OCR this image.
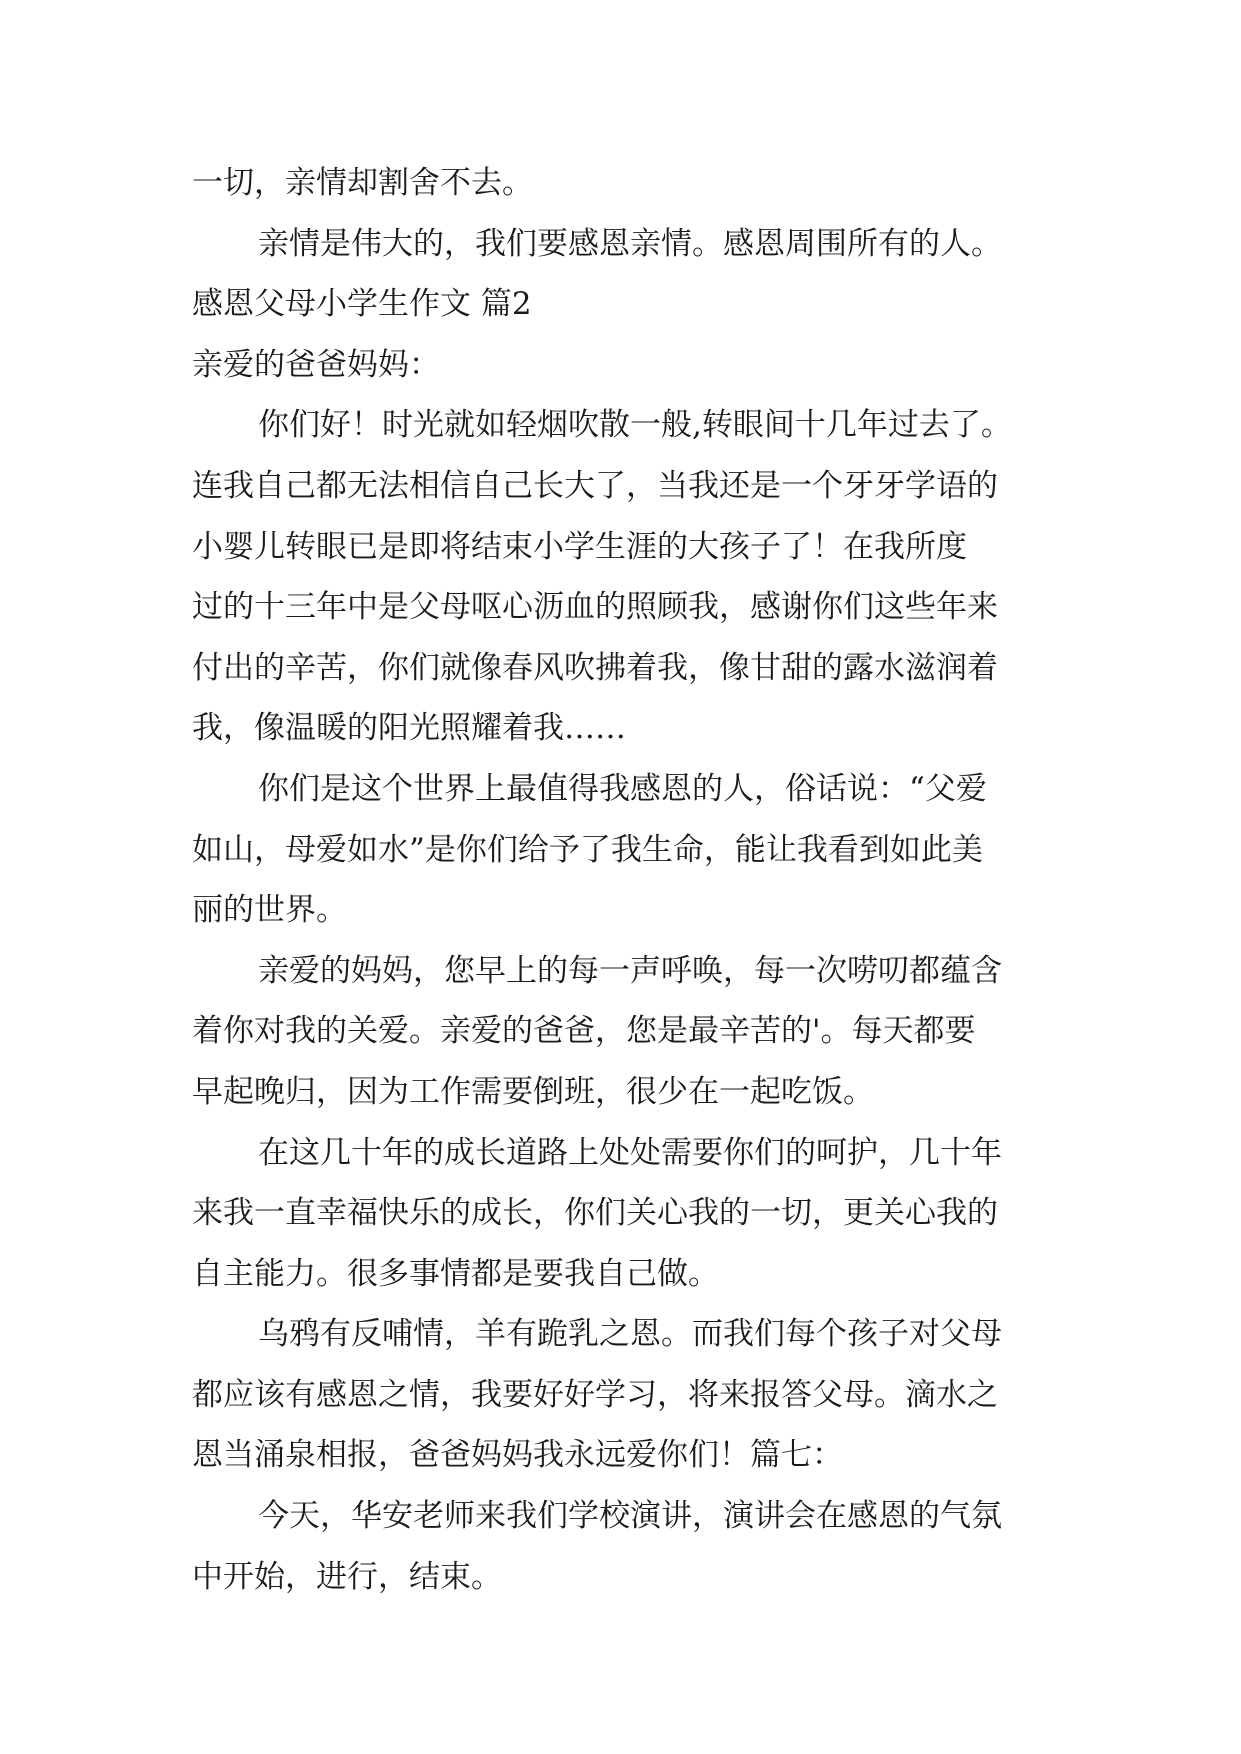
一切，亲情却割舍不去。
亲情是伟大的，我们要感恩亲情。感恩周围所有的人。
感恩父母小学生作文 篇2
亲爱的爸爸妈妈：
你们好！时光就如轻烟吹散一般,转眼间十几年过去了。
连我自己都无法相信自己长大了，当我还是一个牙牙学语的
小婴儿转眼已是即将结束小学生涯的大孩子了！在我所度
过的十三年中是父母呕心沥血的照顾我，感谢你们这些年来
付出的辛苦，你们就像春风吹拂着我，像甘甜的露水滋润着
我，像温暖的阳光照耀着我……
你们是这个世界上最值得我感恩的人，俗话说：“父爱
如山，母爱如水”是你们给予了我生命，能让我看到如此美
丽的世界。
亲爱的妈妈，您早上的每一声呼唤，每一次唠叨都蕴含
着你对我的关爱。亲爱的爸爸，您是最辛苦的'。每天都要
早起晚归，因为工作需要倒班，很少在一起吃饭。
在这几十年的成长道路上处处需要你们的呵护，几十年
来我一直幸福快乐的成长，你们关心我的一切，更关心我的
自主能力。很多事情都是要我自己做。
乌鸦有反哺情，羊有跪乳之恩。而我们每个孩子对父母
都应该有感恩之情，我要好好学习，将来报答父母。滴水之
恩当涌泉相报，爸爸妈妈我永远爱你们！篇七：
今天，华安老师来我们学校演讲，演讲会在感恩的气氛
中开始，进行，结束。
